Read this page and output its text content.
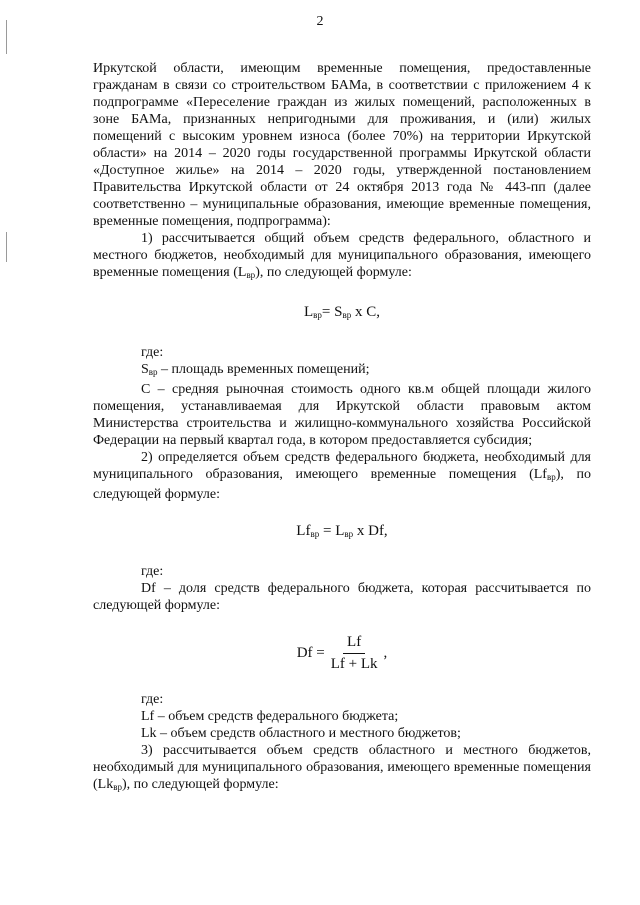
2

Иркутской области, имеющим временные помещения, предоставленные гражданам в связи со строительством БАМа, в соответствии с приложением 4 к подпрограмме «Переселение граждан из жилых помещений, расположенных в зоне БАМа, признанных непригодными для проживания, и (или) жилых помещений с высоким уровнем износа (более 70%) на территории Иркутской области» на 2014 – 2020 годы государственной программы Иркутской области «Доступное жилье» на 2014 – 2020 годы, утвержденной постановлением Правительства Иркутской области от 24 октября 2013 года № 443-пп (далее соответственно – муниципальные образования, имеющие временные помещения, временные помещения, подпрограмма):

1) рассчитывается общий объем средств федерального, областного и местного бюджетов, необходимый для муниципального образования, имеющего временные помещения $(L_{вр})$, по следующей формуле:

$L_{вр}= S_{вр}$ x C,

где:

$S_{вр}$ – площадь временных помещений;

С – средняя рыночная стоимость одного кв.м общей площади жилого помещения, устанавливаемая для Иркутской области правовым актом Министерства строительства и жилищно-коммунального хозяйства Российской Федерации на первый квартал года, в котором предоставляется субсидия;

2) определяется объем средств федерального бюджета, необходимый для муниципального образования, имеющего временные помещения $(Lf_{вр})$, по следующей формуле:

$Lf_{вр} = L_{вр}$ x Df,

где:

Df – доля средств федерального бюджета, которая рассчитывается по следующей формуле:

$Df = \frac{Lf}{Lf + Lk}$ ,

где:

Lf – объем средств федерального бюджета;

Lk – объем средств областного и местного бюджетов;

3) рассчитывается объем средств областного и местного бюджетов, необходимый для муниципального образования, имеющего временные помещения $(Lk_{вр})$, по следующей формуле:
